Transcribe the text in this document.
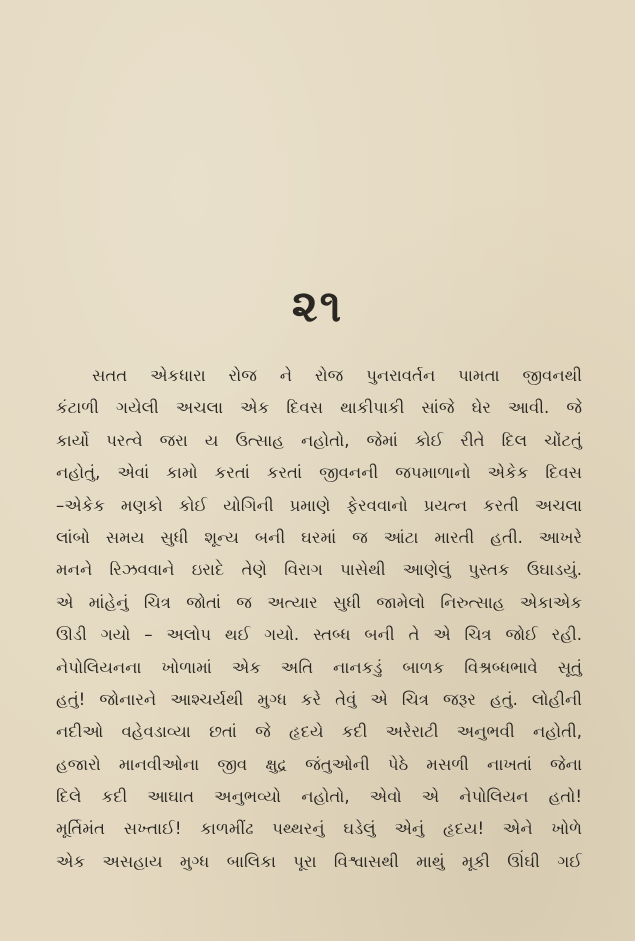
૨૧
સતત એકધારા રોજ ને રોજ પુનરાવર્તન પામતા જીવનથી
કંટાળી ગયેલી અચલા એક દિવસ થાકીપાકી સાંજે ઘેર આવી. જે
કાર્યો પરત્વે જરા ય ઉત્સાહ નહોતો, જેમાં કોઈ રીતે દિલ ચોંટતું
નહોતું, એવાં કામો કરતાં કરતાં જીવનની જપમાળાનો એકેક દિવસ
–એકેક મણકો કોઈ યોગિની પ્રમાણે ફેરવવાનો પ્રયત્ન કરતી અચલા
લાંબો સમય સુધી શૂન્ય બની ઘરમાં જ આંટા મારતી હતી. આખરે
મનને રિઝવવાને ઇરાદે તેણે વિરાગ પાસેથી આણેલું પુસ્તક ઉઘાડયું.
એ માંહેનું ચિત્ર જોતાં જ અત્યાર સુધી જામેલો નિરુત્સાહ એકાએક
ઊડી ગયો – અલોપ થઈ ગયો. સ્તબ્ધ બની તે એ ચિત્ર જોઈ રહી.
નેપોલિયનના ખોળામાં એક અતિ નાનકડું બાળક વિશ્રબ્ધભાવે સૂતું
હતું! જોનારને આશ્ચર્યથી મુગ્ધ કરે તેવું એ ચિત્ર જરૂર હતું. લોહીની
નદીઓ વહેવડાવ્યા છતાં જે હૃદયે કદી અરેરાટી અનુભવી નહોતી,
હજારો માનવીઓના જીવ ક્ષુદ્ર જંતુઓની પેઠે મસળી નાખતાં જેના
દિલે કદી આઘાત અનુભવ્યો નહોતો, એવો એ નેપોલિયન હતો!
મૂર્તિમંત સખ્તાઈ! કાળમીંઢ પથ્થરનું ઘડેલું એનું હૃદય! એને ખોળે
એક અસહાય મુગ્ધ બાલિકા પૂરા વિશ્વાસથી માથું મૂકી ઊંઘી ગઈ
